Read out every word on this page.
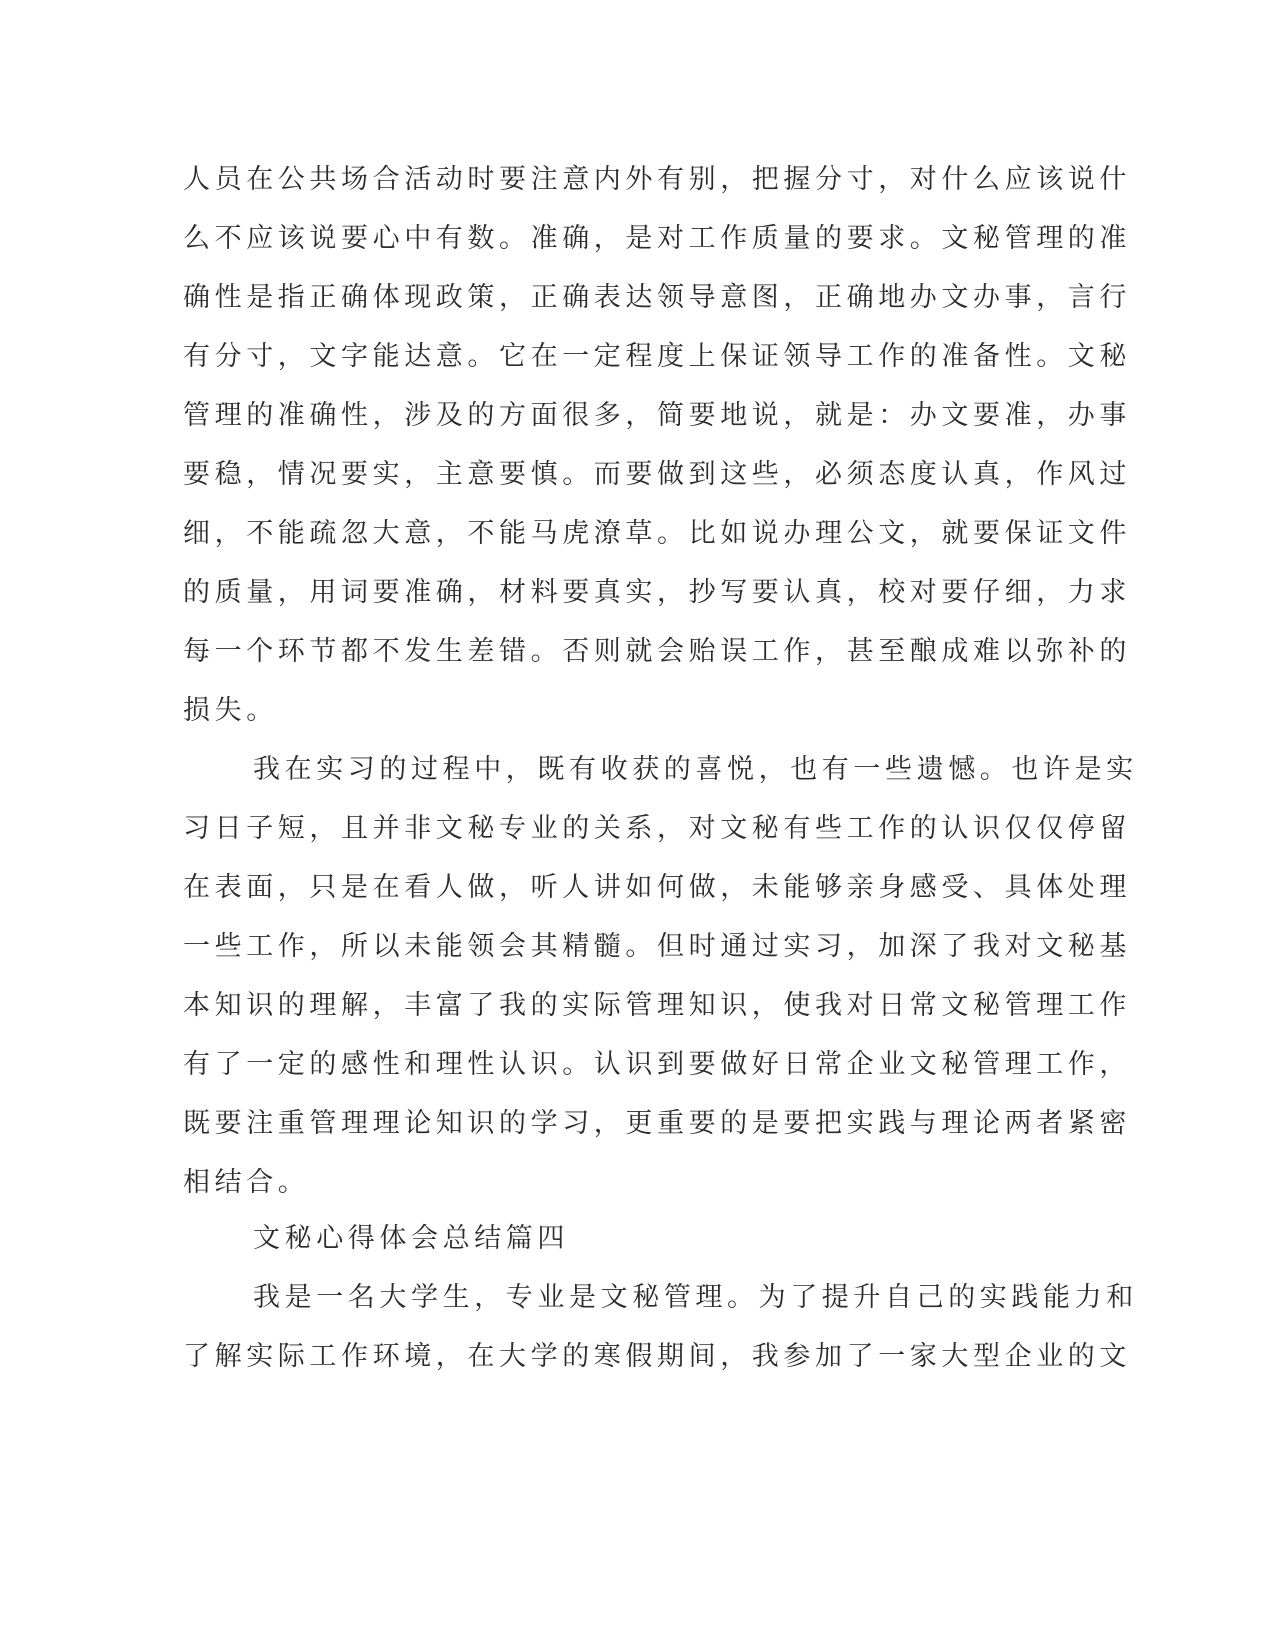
人员在公共场合活动时要注意内外有别，把握分寸，对什么应该说什
么不应该说要心中有数。准确，是对工作质量的要求。文秘管理的准
确性是指正确体现政策，正确表达领导意图，正确地办文办事，言行
有分寸，文字能达意。它在一定程度上保证领导工作的准备性。文秘
管理的准确性，涉及的方面很多，简要地说，就是：办文要准，办事
要稳，情况要实，主意要慎。而要做到这些，必须态度认真，作风过
细，不能疏忽大意，不能马虎潦草。比如说办理公文，就要保证文件
的质量，用词要准确，材料要真实，抄写要认真，校对要仔细，力求
每一个环节都不发生差错。否则就会贻误工作，甚至酿成难以弥补的
损失。
我在实习的过程中，既有收获的喜悦，也有一些遗憾。也许是实
习日子短，且并非文秘专业的关系，对文秘有些工作的认识仅仅停留
在表面，只是在看人做，听人讲如何做，未能够亲身感受、具体处理
一些工作，所以未能领会其精髓。但时通过实习，加深了我对文秘基
本知识的理解，丰富了我的实际管理知识，使我对日常文秘管理工作
有了一定的感性和理性认识。认识到要做好日常企业文秘管理工作，
既要注重管理理论知识的学习，更重要的是要把实践与理论两者紧密
相结合。
文秘心得体会总结篇四
我是一名大学生，专业是文秘管理。为了提升自己的实践能力和
了解实际工作环境，在大学的寒假期间，我参加了一家大型企业的文
